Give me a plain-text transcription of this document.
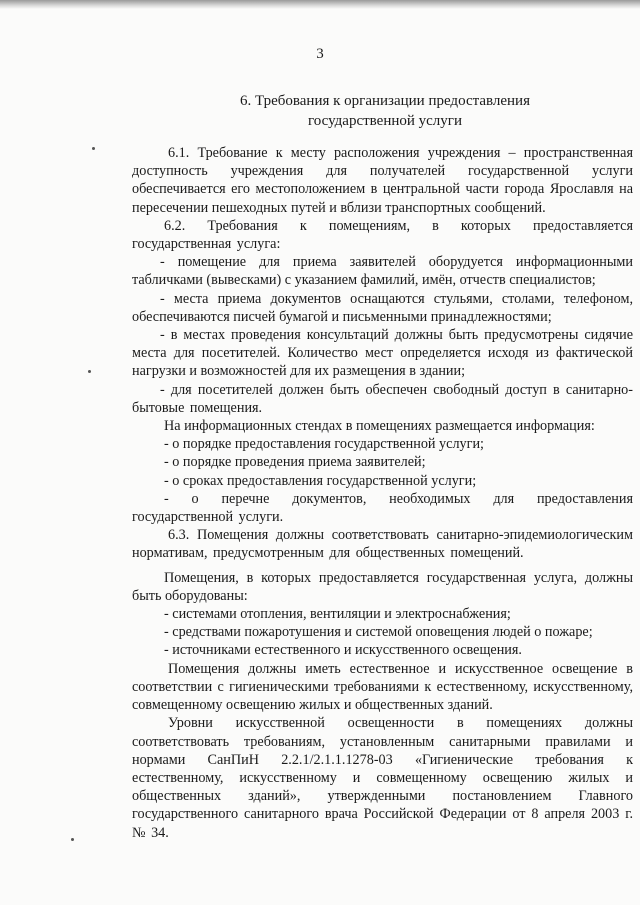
3
6. Требования к организации предоставления
государственной услуги

6.1. Требование к месту расположения учреждения – пространственная доступность учреждения для получателей государственной услуги обеспечивается его местоположением в центральной части города Ярославля на пересечении пешеходных путей и вблизи транспортных сообщений.

6.2. Требования к помещениям, в которых предоставляется государственная услуга:

- помещение для приема заявителей оборудуется информационными табличками (вывесками) с указанием фамилий, имён, отчеств специалистов;

- места приема документов оснащаются стульями, столами, телефоном, обеспечиваются писчей бумагой и письменными принадлежностями;

- в местах проведения консультаций должны быть предусмотрены сидячие места для посетителей. Количество мест определяется исходя из фактической нагрузки и возможностей для их размещения в здании;

- для посетителей должен быть обеспечен свободный доступ в санитарно-бытовые помещения.

На информационных стендах в помещениях размещается информация:

- о порядке предоставления государственной услуги;

- о порядке проведения приема заявителей;

- о сроках предоставления государственной услуги;

- о перечне документов, необходимых для предоставления государственной услуги.

6.3. Помещения должны соответствовать санитарно-эпидемиологическим нормативам, предусмотренным для общественных помещений.

Помещения, в которых предоставляется государственная услуга, должны быть оборудованы:

- системами отопления, вентиляции и электроснабжения;

- средствами пожаротушения и системой оповещения людей о пожаре;

- источниками естественного и искусственного освещения.

Помещения должны иметь естественное и искусственное освещение в соответствии с гигиеническими требованиями к естественному, искусственному, совмещенному освещению жилых и общественных зданий.

Уровни искусственной освещенности в помещениях должны соответствовать требованиям, установленным санитарными правилами и нормами СанПиН 2.2.1/2.1.1.1278-03 «Гигиенические требования к естественному, искусственному и совмещенному освещению жилых и общественных зданий», утвержденными постановлением Главного государственного санитарного врача Российской Федерации от 8 апреля 2003 г. № 34.
